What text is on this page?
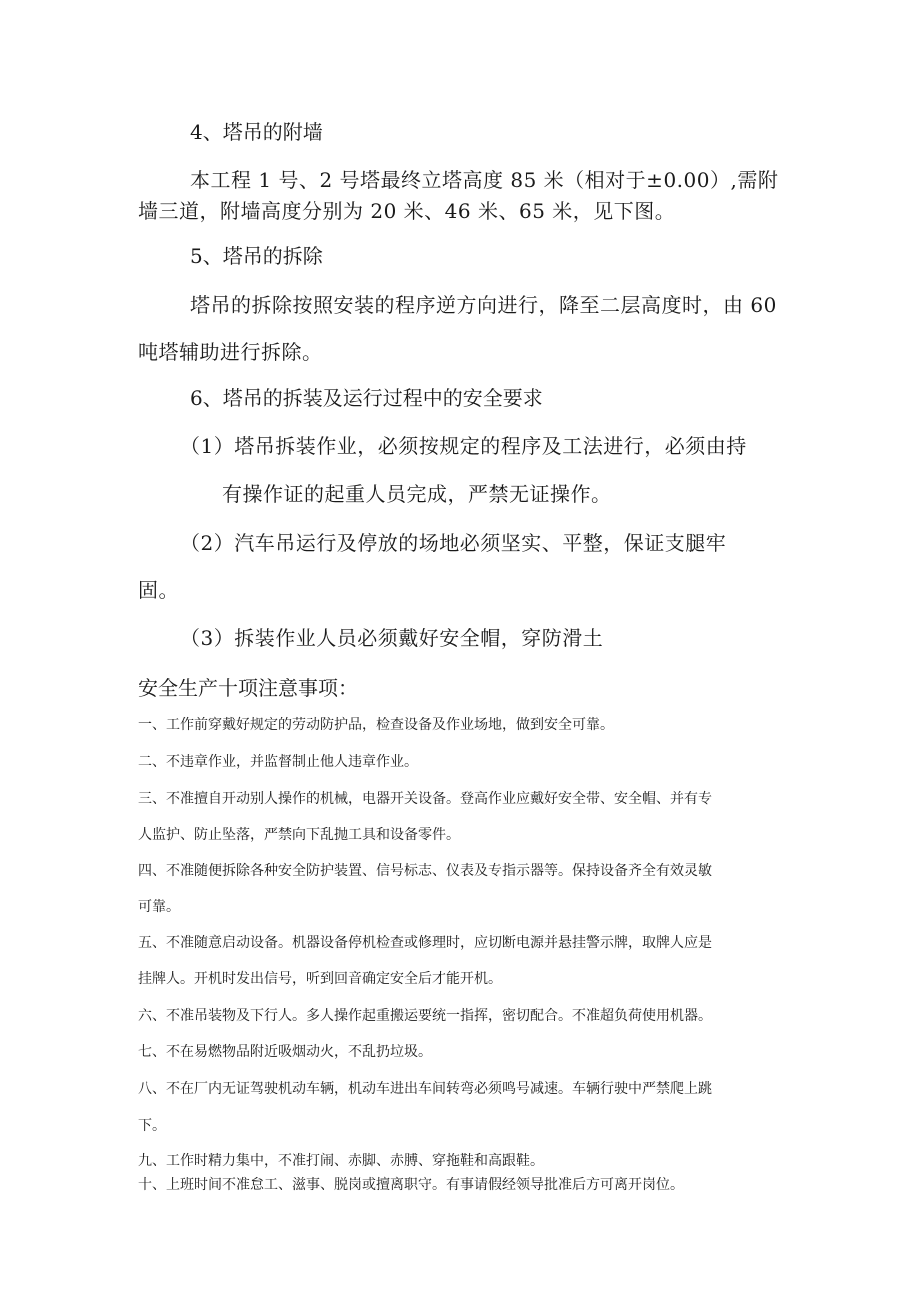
4、塔吊的附墙

本工程 1 号、2 号塔最终立塔高度 85 米（相对于±0.00）,需附

墙三道，附墙高度分别为 20 米、46 米、65 米，见下图。

5、塔吊的拆除

塔吊的拆除按照安装的程序逆方向进行，降至二层高度时，由 60

吨塔辅助进行拆除。

6、塔吊的拆装及运行过程中的安全要求

（1）塔吊拆装作业，必须按规定的程序及工法进行，必须由持

有操作证的起重人员完成，严禁无证操作。

（2）汽车吊运行及停放的场地必须坚实、平整，保证支腿牢

固。

（3）拆装作业人员必须戴好安全帽，穿防滑土

安全生产十项注意事项：

一、工作前穿戴好规定的劳动防护品，检查设备及作业场地，做到安全可靠。

二、不违章作业，并监督制止他人违章作业。

三、不准擅自开动别人操作的机械，电器开关设备。登高作业应戴好安全带、安全帽、并有专

人监护、防止坠落，严禁向下乱抛工具和设备零件。

四、不准随便拆除各种安全防护装置、信号标志、仪表及专指示器等。保持设备齐全有效灵敏

可靠。

五、不准随意启动设备。机器设备停机检查或修理时，应切断电源并悬挂警示牌，取牌人应是

挂牌人。开机时发出信号，听到回音确定安全后才能开机。

六、不准吊装物及下行人。多人操作起重搬运要统一指挥，密切配合。不准超负荷使用机器。

七、不在易燃物品附近吸烟动火，不乱扔垃圾。

八、不在厂内无证驾驶机动车辆，机动车进出车间转弯必须鸣号减速。车辆行驶中严禁爬上跳

下。

九、工作时精力集中，不准打闹、赤脚、赤膊、穿拖鞋和高跟鞋。

十、上班时间不准怠工、滋事、脱岗或擅离职守。有事请假经领导批准后方可离开岗位。
